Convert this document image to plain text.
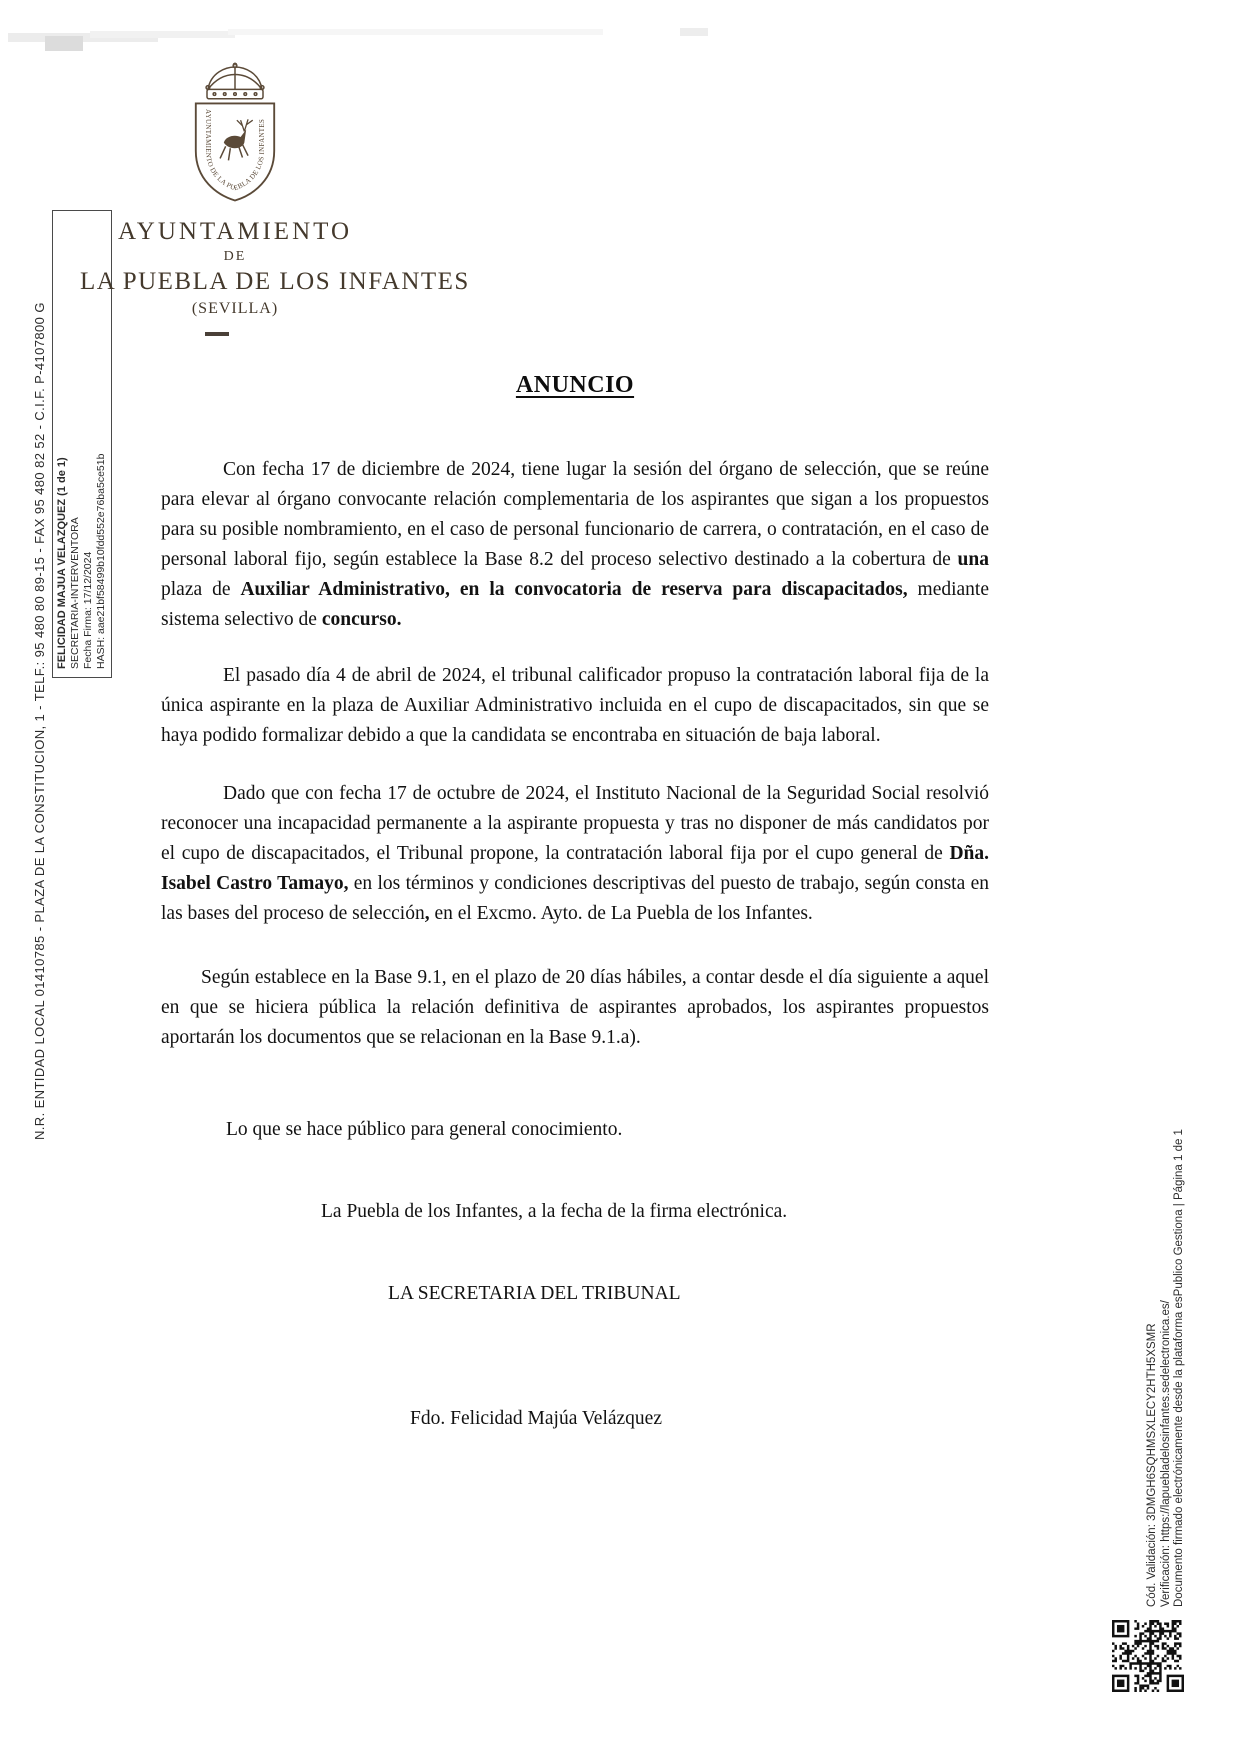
N.R. ENTIDAD LOCAL 01410785 - PLAZA DE LA CONSTITUCION, 1 - TELF.: 95 480 80 89-15 - FAX 95 480 82 52 - C.I.F. P-4107800 G FELICIDAD MAJUA VELAZQUEZ (1 de 1) SECRETARIA-INTERVENTORA Fecha Firma: 17/12/2024 HASH: aae21bf58499b10fdd552e76ba5ce51b
AYUNTAMIENTO DE LA PUEBLA DE LOS INFANTES
AYUNTAMIENTO
DE
LA PUEBLA DE LOS INFANTES
(SEVILLA)
ANUNCIO

Con fecha 17 de diciembre de 2024, tiene lugar la sesión del órgano de selección, que se reúne para elevar al órgano convocante relación complementaria de los aspirantes que sigan a los propuestos para su posible nombramiento, en el caso de personal funcionario de carrera, o contratación, en el caso de personal laboral fijo, según establece la Base 8.2 del proceso selectivo destinado a la cobertura de una plaza de Auxiliar Administrativo, en la convocatoria de reserva para discapacitados, mediante sistema selectivo de concurso.

El pasado día 4 de abril de 2024, el tribunal calificador propuso la contratación laboral fija de la única aspirante en la plaza de Auxiliar Administrativo incluida en el cupo de discapacitados, sin que se haya podido formalizar debido a que la candidata se encontraba en situación de baja laboral.

Dado que con fecha 17 de octubre de 2024, el Instituto Nacional de la Seguridad Social resolvió reconocer una incapacidad permanente a la aspirante propuesta y tras no disponer de más candidatos por el cupo de discapacitados, el Tribunal propone, la contratación laboral fija por el cupo general de Dña. Isabel Castro Tamayo, en los términos y condiciones descriptivas del puesto de trabajo, según consta en las bases del proceso de selección, en el Excmo. Ayto. de La Puebla de los Infantes.

Según establece en la Base 9.1, en el plazo de 20 días hábiles, a contar desde el día siguiente a aquel en que se hiciera pública la relación definitiva de aspirantes aprobados, los aspirantes propuestos aportarán los documentos que se relacionan en la Base 9.1.a).

Lo que se hace público para general conocimiento.

La Puebla de los Infantes, a la fecha de la firma electrónica.

LA SECRETARIA DEL TRIBUNAL

Fdo. Felicidad Majúa Velázquez	Cód. Validación: 3DMGH6SQHMSXLECY2HTH5XSMR Verificación: https://lapuebladelosinfantes.sedelectronica.es/ Documento firmado electrónicamente desde la plataforma esPublico Gestiona | Página 1 de 1
